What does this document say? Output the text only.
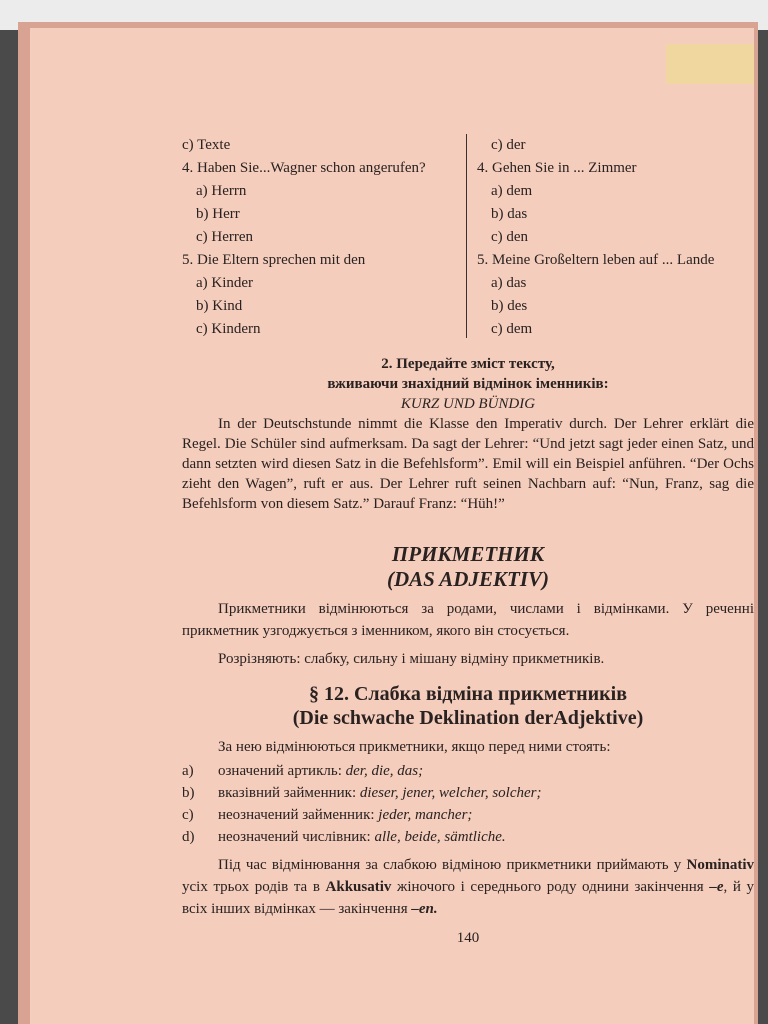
c) Texte
4. Haben Sie...Wagner schon angerufen?
a) Herrn
b) Herr
c) Herren
5. Die Eltern sprechen mit den
a) Kinder
b) Kind
c) Kindern
c) der
4. Gehen Sie in ... Zimmer
a) dem
b) das
c) den
5. Meine Großeltern leben auf ... Lande
a) das
b) des
c) dem
2. Передайте зміст тексту,
вживаючи знахідний відмінок іменників:
KURZ UND BÜNDIG

In der Deutschstunde nimmt die Klasse den Imperativ durch. Der Lehrer erklärt die Regel. Die Schüler sind aufmerksam. Da sagt der Lehrer: “Und jetzt sagt jeder einen Satz, und dann setzten wird diesen Satz in die Befehlsform”. Emil will ein Beispiel anführen. “Der Ochs zieht den Wagen”, ruft er aus. Der Lehrer ruft seinen Nachbarn auf: “Nun, Franz, sag die Befehlsform von diesem Satz.” Darauf Franz: “Hüh!”

ПРИКМЕТНИК
(DAS ADJEKTIV)

Прикметники відмінюються за родами, числами і відмінками. У реченні прикметник узгоджується з іменником, якого він стосується.

Розрізняють: слабку, сильну і мішану відміну прикметників.

§ 12. Слабка відміна прикметників
(Die schwache Deklination derAdjektive)

За нею відмінюються прикметники, якщо перед ними стоять:

a)	означений артикль: der, die, das;
b)	вказівний займенник: dieser, jener, welcher, solcher;
c)	неозначений займенник: jeder, mancher;
d)	неозначений числівник: alle, beide, sämtliche.

Під час відмінювання за слабкою відміною прикметники приймають у Nominativ усіх трьох родів та в Akkusativ жіночого і середнього роду однини закінчення –е, й у всіх інших відмінках — закінчення –еп.

140
